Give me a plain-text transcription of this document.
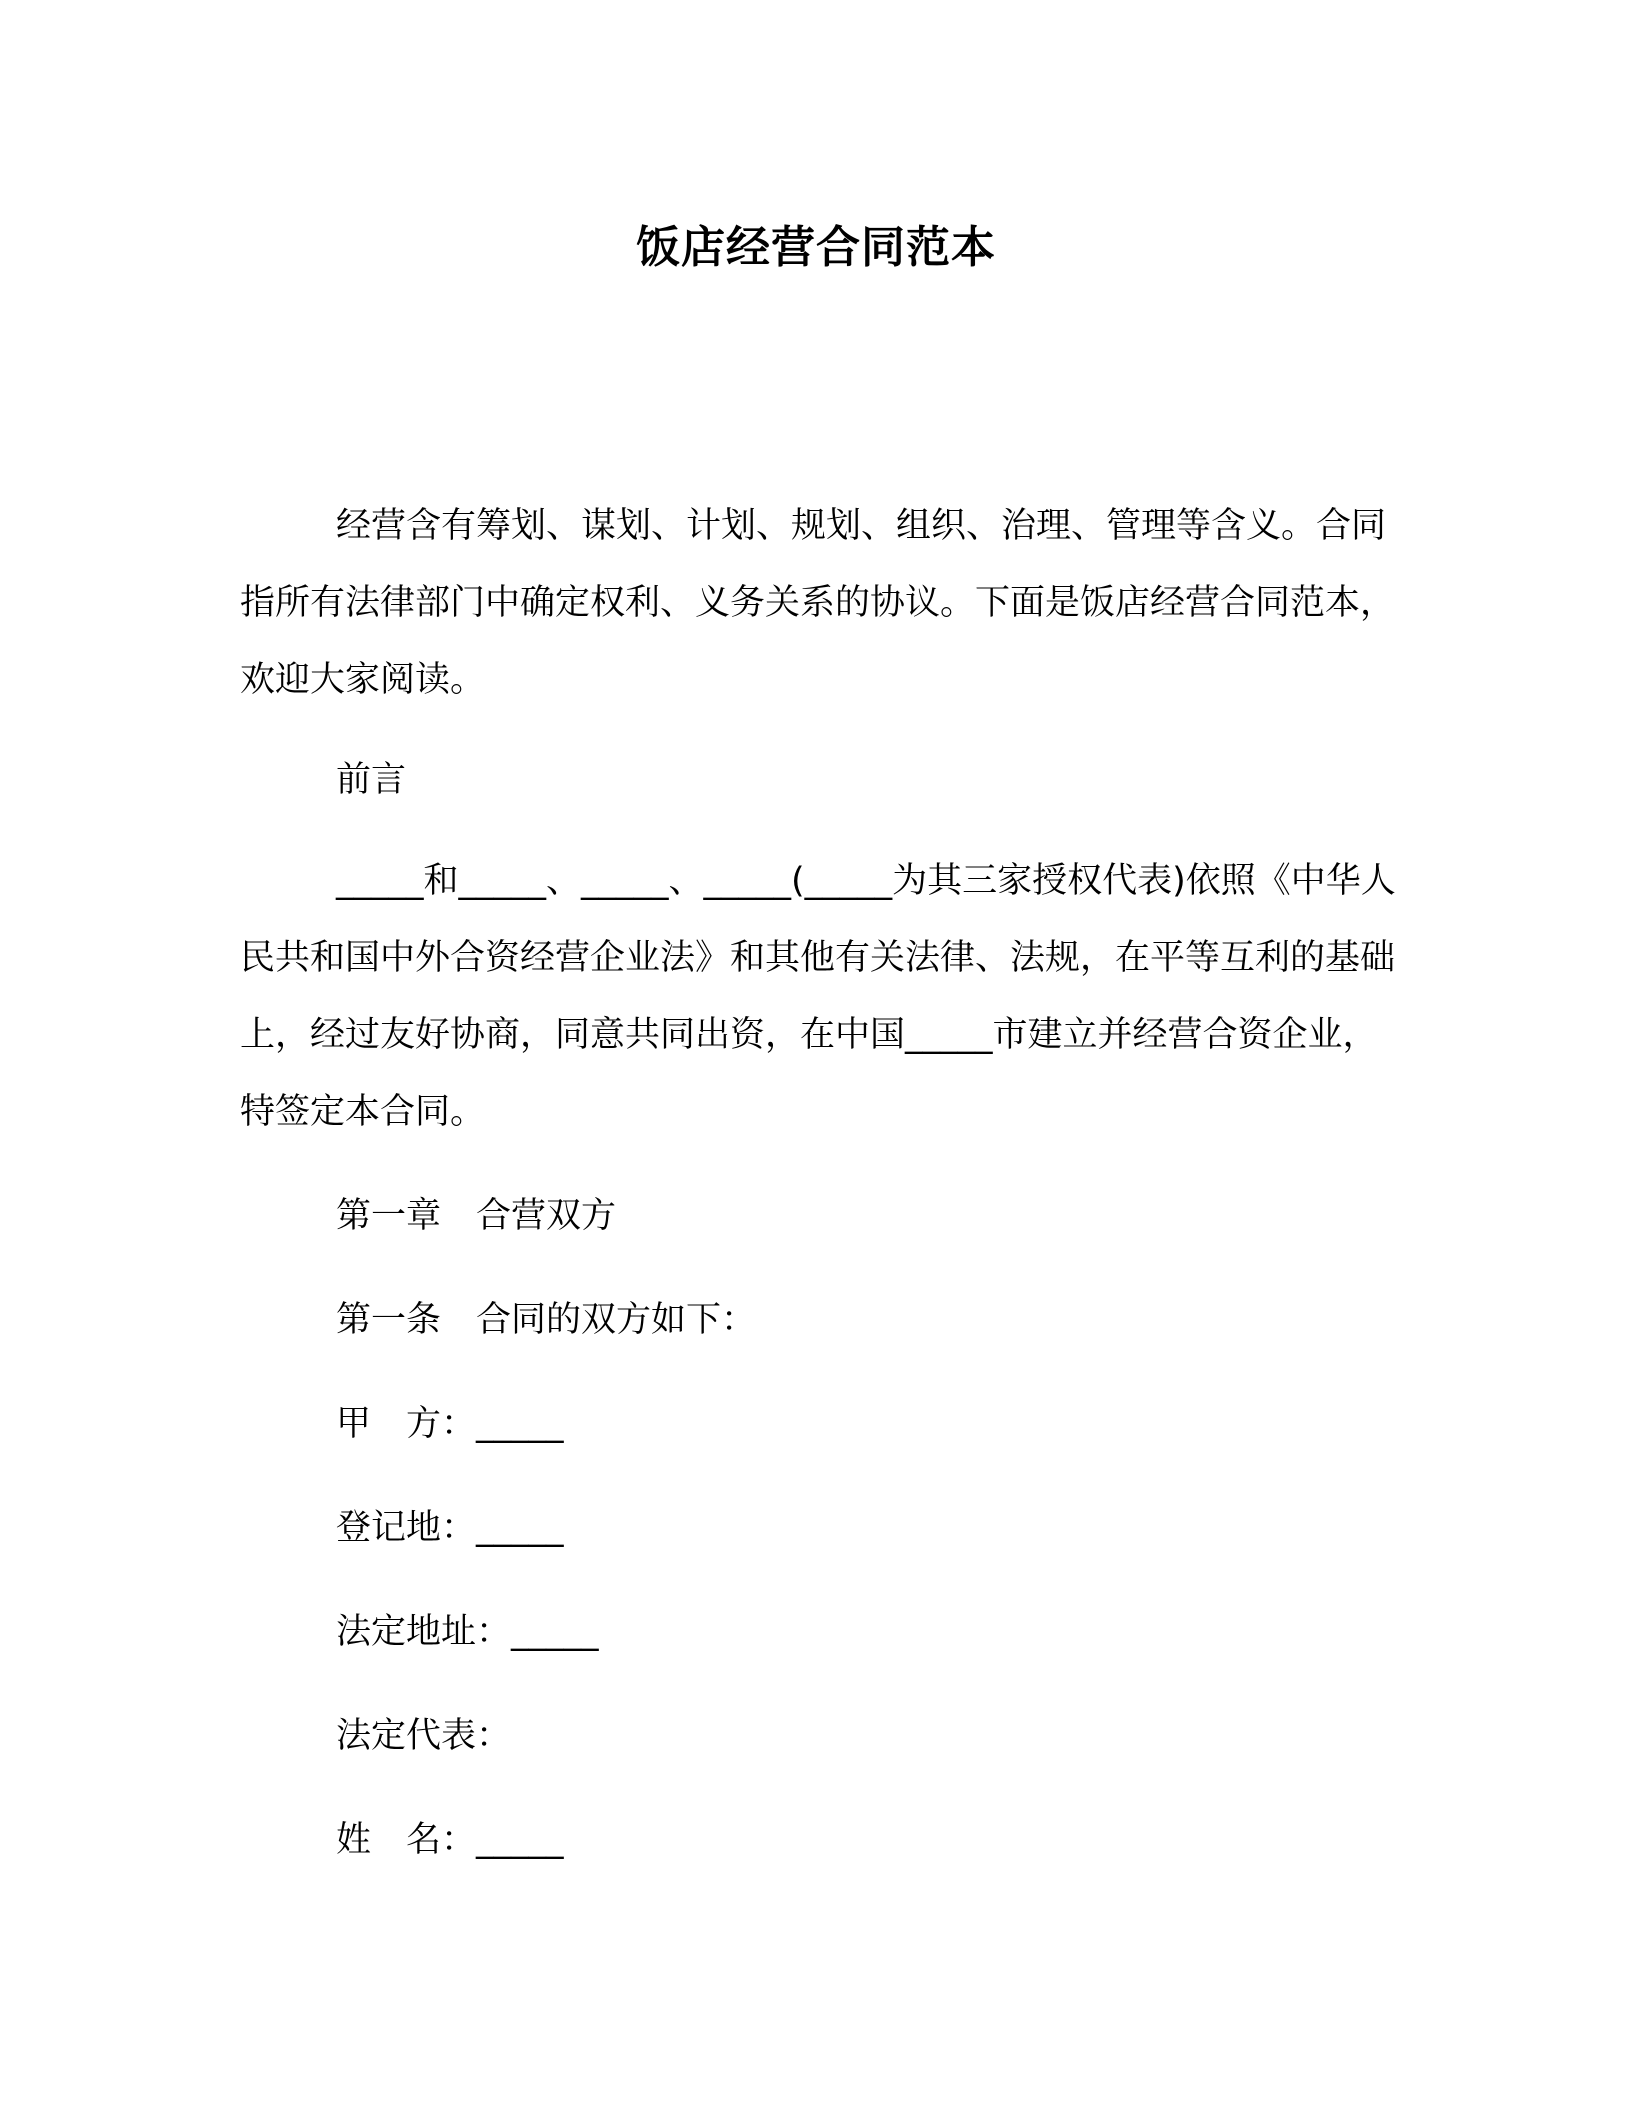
饭店经营合同范本

经营含有筹划、谋划、计划、规划、组织、治理、管理等含义。合同指所有法律部门中确定权利、义务关系的协议。下面是饭店经营合同范本，欢迎大家阅读。

前言

_____和_____、_____、_____(_____为其三家授权代表)依照《中华人民共和国中外合资经营企业法》和其他有关法律、法规，在平等互利的基础上，经过友好协商，同意共同出资，在中国_____市建立并经营合资企业，特签定本合同。

第一章　合营双方
第一条　合同的双方如下：
甲　方：_____
登记地：_____
法定地址：_____
法定代表：
姓　名：_____
